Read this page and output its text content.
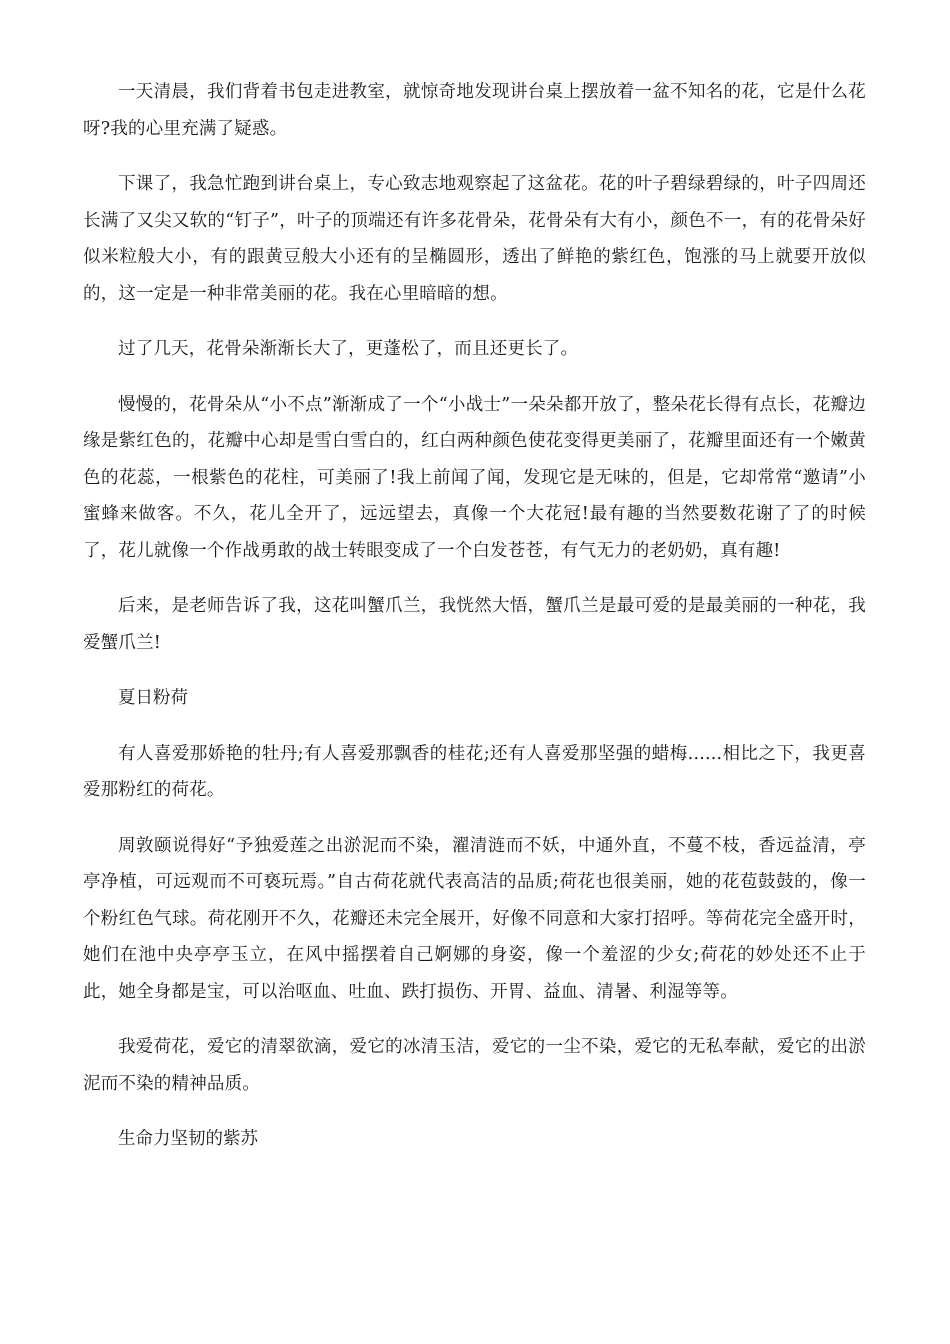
一天清晨，我们背着书包走进教室，就惊奇地发现讲台桌上摆放着一盆不知名的花，它是什么花呀?我的心里充满了疑惑。

下课了，我急忙跑到讲台桌上，专心致志地观察起了这盆花。花的叶子碧绿碧绿的，叶子四周还长满了又尖又软的“钉子”，叶子的顶端还有许多花骨朵，花骨朵有大有小，颜色不一，有的花骨朵好似米粒般大小，有的跟黄豆般大小还有的呈椭圆形，透出了鲜艳的紫红色，饱涨的马上就要开放似的，这一定是一种非常美丽的花。我在心里暗暗的想。

过了几天，花骨朵渐渐长大了，更蓬松了，而且还更长了。

慢慢的，花骨朵从“小不点”渐渐成了一个“小战士”一朵朵都开放了，整朵花长得有点长，花瓣边缘是紫红色的，花瓣中心却是雪白雪白的，红白两种颜色使花变得更美丽了，花瓣里面还有一个嫩黄色的花蕊，一根紫色的花柱，可美丽了!我上前闻了闻，发现它是无味的，但是，它却常常“邀请”小蜜蜂来做客。不久，花儿全开了，远远望去，真像一个大花冠!最有趣的当然要数花谢了了的时候了，花儿就像一个作战勇敢的战士转眼变成了一个白发苍苍，有气无力的老奶奶，真有趣!

后来，是老师告诉了我，这花叫蟹爪兰，我恍然大悟，蟹爪兰是最可爱的是最美丽的一种花，我爱蟹爪兰!

夏日粉荷

有人喜爱那娇艳的牡丹;有人喜爱那飘香的桂花;还有人喜爱那坚强的蜡梅......相比之下，我更喜爱那粉红的荷花。

周敦颐说得好“予独爱莲之出淤泥而不染，濯清涟而不妖，中通外直，不蔓不枝，香远益清，亭亭净植，可远观而不可亵玩焉。”自古荷花就代表高洁的品质;荷花也很美丽，她的花苞鼓鼓的，像一个粉红色气球。荷花刚开不久，花瓣还未完全展开，好像不同意和大家打招呼。等荷花完全盛开时，她们在池中央亭亭玉立，在风中摇摆着自己婀娜的身姿，像一个羞涩的少女;荷花的妙处还不止于此，她全身都是宝，可以治呕血、吐血、跌打损伤、开胃、益血、清暑、利湿等等。

我爱荷花，爱它的清翠欲滴，爱它的冰清玉洁，爱它的一尘不染，爱它的无私奉献，爱它的出淤泥而不染的精神品质。

生命力坚韧的紫苏
